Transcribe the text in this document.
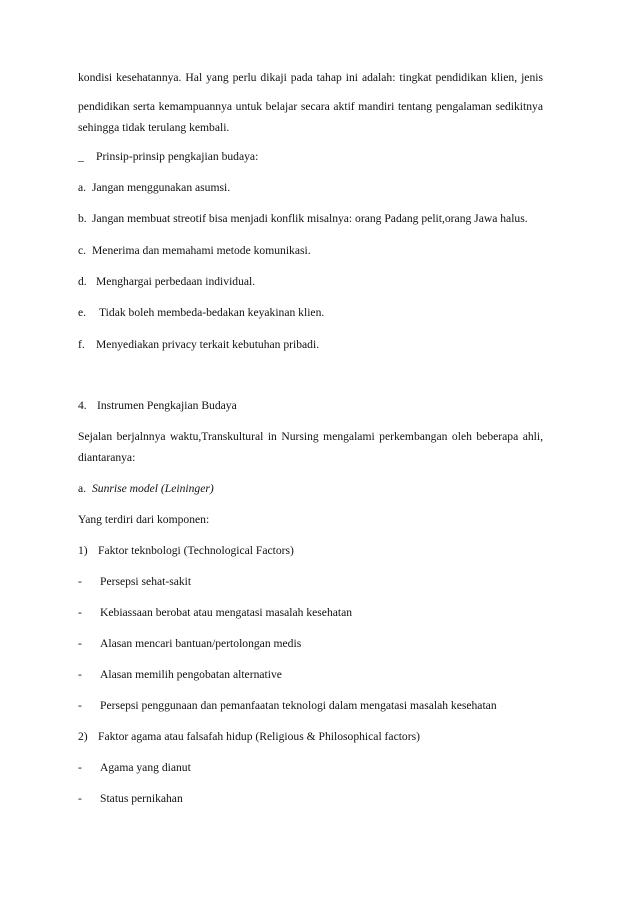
kondisi kesehatannya. Hal yang perlu dikaji pada tahap ini adalah: tingkat pendidikan klien, jenis
pendidikan serta kemampuannya untuk belajar secara aktif mandiri tentang pengalaman sedikitnya
sehingga tidak terulang kembali.
_ Prinsip-prinsip pengkajian budaya:
a. Jangan menggunakan asumsi.
b. Jangan membuat streotif bisa menjadi konflik misalnya: orang Padang pelit,orang Jawa halus.
c. Menerima dan memahami metode komunikasi.
d. Menghargai perbedaan individual.
e. Tidak boleh membeda-bedakan keyakinan klien.
f. Menyediakan privacy terkait kebutuhan pribadi.
4. Instrumen Pengkajian Budaya
Sejalan berjalnnya waktu,Transkultural in Nursing mengalami perkembangan oleh beberapa ahli,
diantaranya:
a. Sunrise model (Leininger)
Yang terdiri dari komponen:
1) Faktor teknbologi (Technological Factors)
- Persepsi sehat-sakit
- Kebiassaan berobat atau mengatasi masalah kesehatan
- Alasan mencari bantuan/pertolongan medis
- Alasan memilih pengobatan alternative
- Persepsi penggunaan dan pemanfaatan teknologi dalam mengatasi masalah kesehatan
2) Faktor agama atau falsafah hidup (Religious & Philosophical factors)
- Agama yang dianut
- Status pernikahan
